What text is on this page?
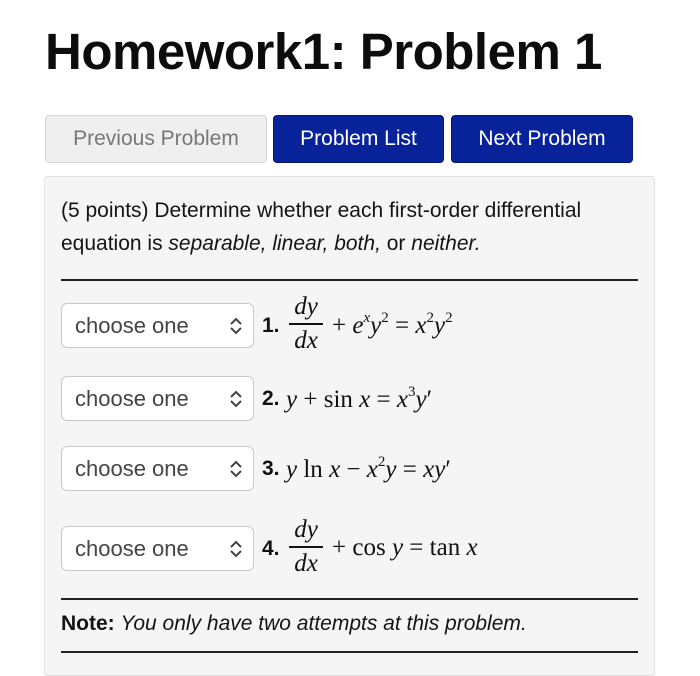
Homework1: Problem 1
Previous Problem	Problem List	Next Problem
(5 points) Determine whether each first-order differential equation is separable, linear, both, or neither.
choose one	1.
dy
dx
+ $e^xy^2 = x^2y^2$
choose one	2. $y + \sin x = x^3y'$
choose one	3. y $\ln x - x^2y = xy'$
choose one	4.
dy
dx
+ cos y = tan x
Note: You only have two attempts at this problem.
